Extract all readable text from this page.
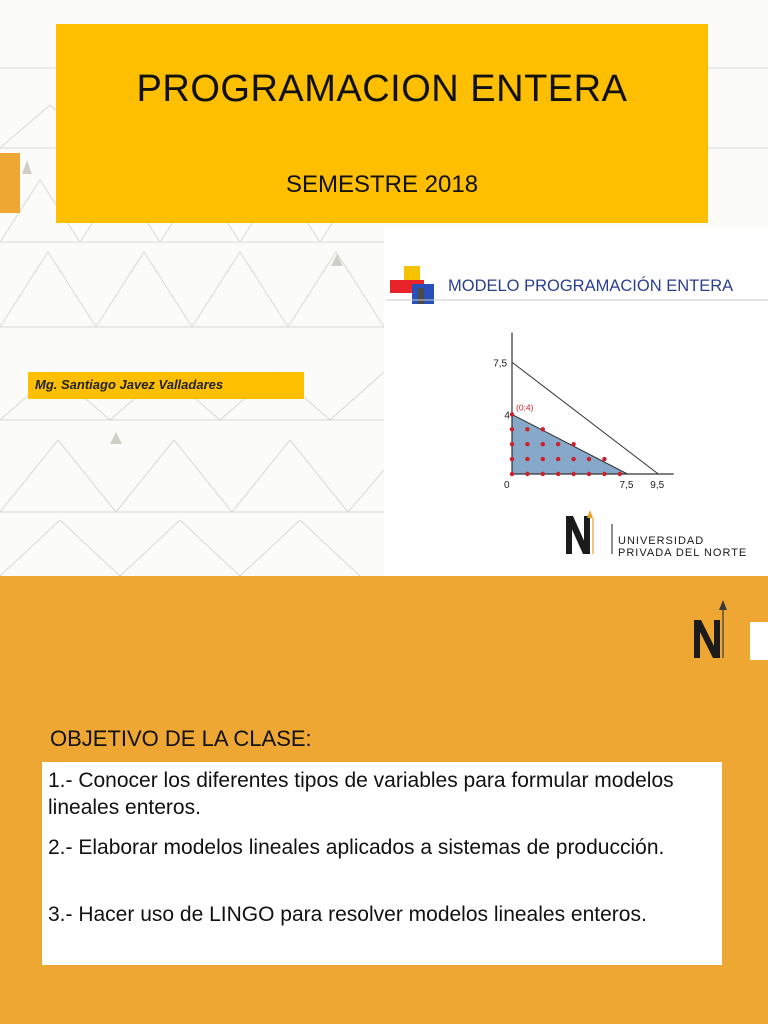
PROGRAMACION ENTERA
SEMESTRE 2018
Mg. Santiago Javez Valladares
MODELO PROGRAMACIÓN ENTERA
0	7,5 9,5
7,5
4
(0;4)
UNIVERSIDAD
PRIVADA DEL NORTE
OBJETIVO DE LA CLASE:
1.- Conocer los diferentes tipos de variables para formular modelos lineales enteros.
2.- Elaborar modelos lineales aplicados a sistemas de producción.
3.- Hacer uso de LINGO para resolver modelos lineales enteros.
